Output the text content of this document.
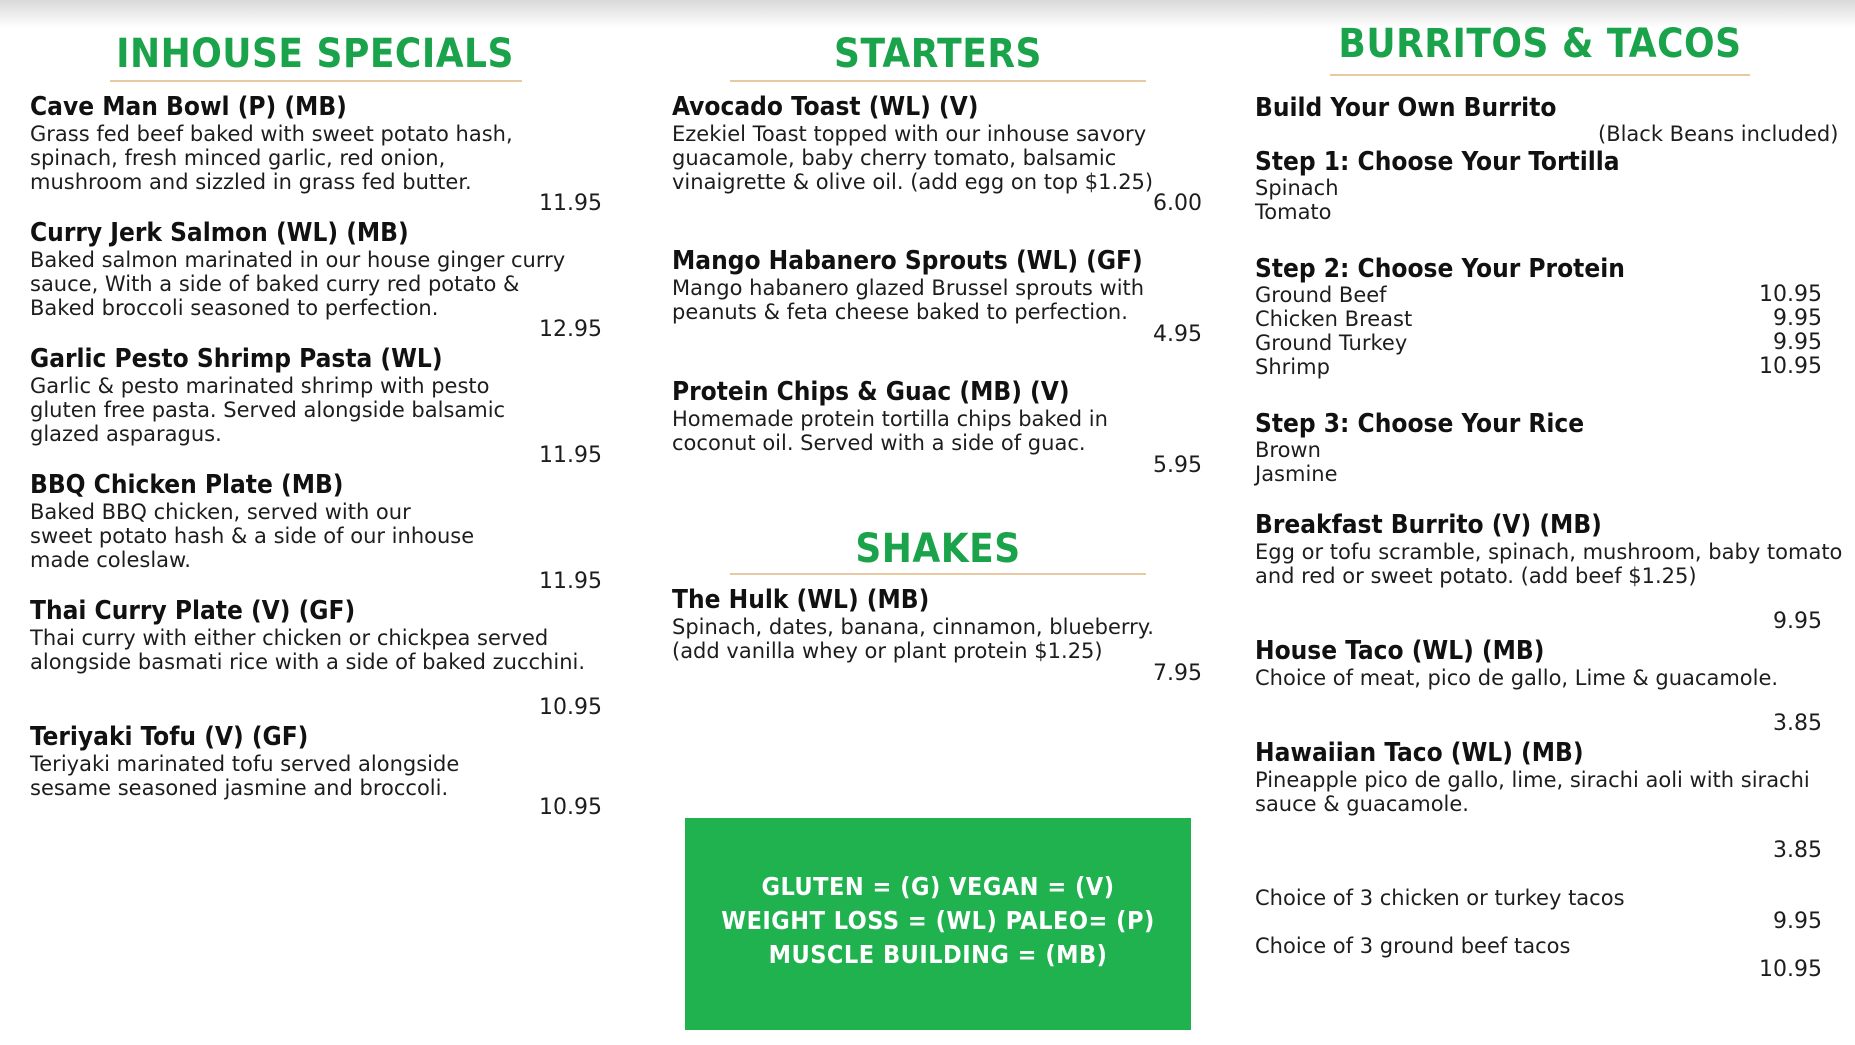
INHOUSE SPECIALS
Cave Man Bowl (P) (MB)
Grass fed beef baked with sweet potato hash,
spinach, fresh minced garlic, red onion,
mushroom and sizzled in grass fed butter.
11.95
Curry Jerk Salmon (WL) (MB)
Baked salmon marinated in our house ginger curry
sauce, With a side of baked curry red potato &
Baked broccoli seasoned to perfection.
12.95
Garlic Pesto Shrimp Pasta (WL)
Garlic & pesto marinated shrimp with pesto
gluten free pasta. Served alongside balsamic
glazed asparagus.
11.95
BBQ Chicken Plate (MB)
Baked BBQ chicken, served with our
sweet potato hash & a side of our inhouse
made coleslaw.
11.95
Thai Curry Plate (V) (GF)
Thai curry with either chicken or chickpea served
alongside basmati rice with a side of baked zucchini.
10.95
Teriyaki Tofu (V) (GF)
Teriyaki marinated tofu served alongside
sesame seasoned jasmine and broccoli.
10.95
STARTERS
Avocado Toast (WL) (V)
Ezekiel Toast topped with our inhouse savory
guacamole, baby cherry tomato, balsamic
vinaigrette & olive oil. (add egg on top $1.25)
6.00
Mango Habanero Sprouts (WL) (GF)
Mango habanero glazed Brussel sprouts with
peanuts & feta cheese baked to perfection.
4.95
Protein Chips & Guac (MB) (V)
Homemade protein tortilla chips baked in
coconut oil. Served with a side of guac.
5.95
SHAKES
The Hulk (WL) (MB)
Spinach, dates, banana, cinnamon, blueberry.
(add vanilla whey or plant protein $1.25)
7.95
GLUTEN = (G) VEGAN = (V)
WEIGHT LOSS = (WL) PALEO= (P)
MUSCLE BUILDING = (MB)
BURRITOS & TACOS
Build Your Own Burrito
(Black Beans included)
Step 1: Choose Your Tortilla
Spinach
Tomato
Step 2: Choose Your Protein
Ground Beef	10.95
Chicken Breast	9.95
Ground Turkey	9.95
Shrimp	10.95
Step 3: Choose Your Rice
Brown
Jasmine
Breakfast Burrito (V) (MB)
Egg or tofu scramble, spinach, mushroom, baby tomato
and red or sweet potato. (add beef $1.25)
9.95
House Taco (WL) (MB)
Choice of meat, pico de gallo, Lime & guacamole.
3.85
Hawaiian Taco (WL) (MB)
Pineapple pico de gallo, lime, sirachi aoli with sirachi
sauce & guacamole.
3.85
Choice of 3 chicken or turkey tacos
9.95
Choice of 3 ground beef tacos
10.95
